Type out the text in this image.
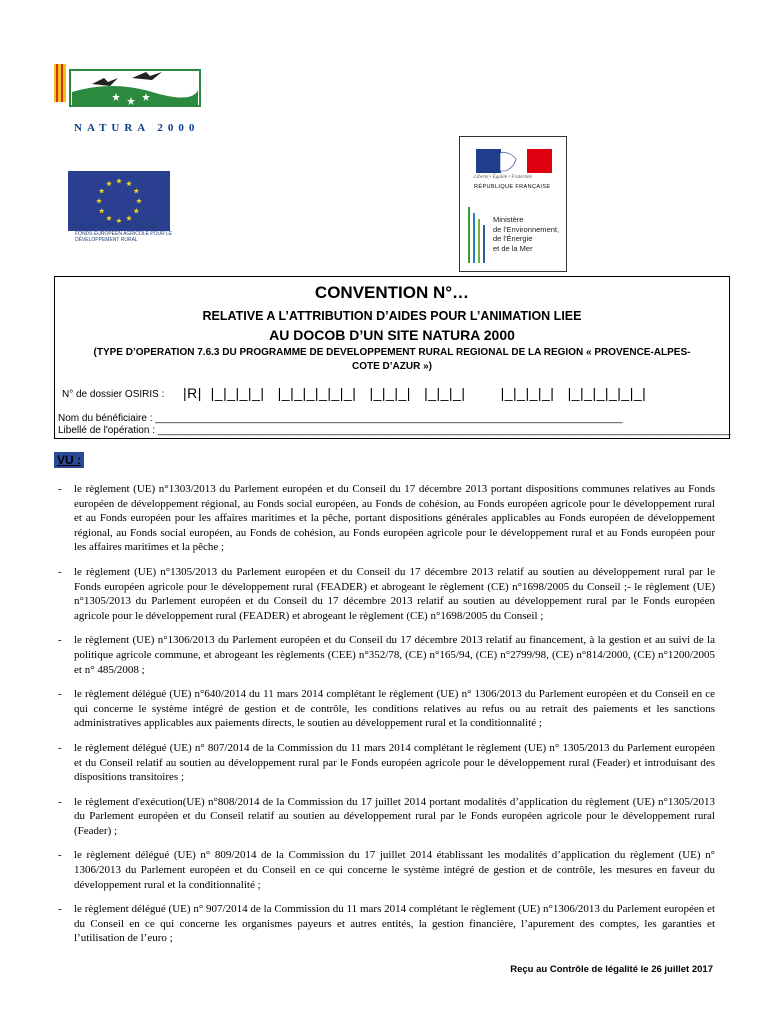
NATURA 2000
UNION EUROPÉENNE
FONDS EUROPÉEN AGRICOLE POUR LE DÉVELOPPEMENT RURAL
Liberté • Égalité • Fraternité
RÉPUBLIQUE FRANÇAISE
Ministère
de l'Environnement,
de l'Énergie
et de la Mer
CONVENTION N°…
RELATIVE A L’ATTRIBUTION D’AIDES POUR L’ANIMATION LIEE
AU DOCOB D’UN SITE NATURA 2000
(TYPE D’OPERATION 7.6.3 DU PROGRAMME DE DEVELOPPEMENT RURAL REGIONAL DE LA REGION « PROVENCE-ALPES-
COTE D’AZUR »)
N° de dossier OSIRIS : |R|  |_|_|_|_|   |_|_|_|_|_|_|   |_|_|_|   |_|_|_|        |_|_|_|_|   |_|_|_|_|_|_|
Nom du bénéficiaire : ____________________________________________________________________________________
Libellé de l'opération : _______________________________________________________________________________________________________
VU :
- le règlement (UE) n°1303/2013 du Parlement européen et du Conseil du 17 décembre 2013 portant dispositions communes relatives au Fonds européen de développement régional, au Fonds social européen, au Fonds de cohésion, au Fonds européen agricole pour le développement rural et au Fonds européen pour les affaires maritimes et la pêche, portant dispositions générales applicables au Fonds européen de développement régional, au Fonds social européen, au Fonds de cohésion, au Fonds européen agricole pour le développement rural et au Fonds européen pour les affaires maritimes et la pêche ;
- le règlement (UE) n°1305/2013 du Parlement européen et du Conseil du 17 décembre 2013 relatif au soutien au développement rural par le Fonds européen agricole pour le développement rural (FEADER) et abrogeant le règlement (CE) n°1698/2005 du Conseil ;- le règlement (UE) n°1305/2013 du Parlement européen et du Conseil du 17 décembre 2013 relatif au soutien au développement rural par le Fonds européen agricole pour le développement rural (FEADER) et abrogeant le règlement (CE) n°1698/2005 du Conseil ;
- le règlement (UE) n°1306/2013 du Parlement européen et du Conseil du 17 décembre 2013 relatif au financement, à la gestion et au suivi de la politique agricole commune, et abrogeant les règlements (CEE) n°352/78, (CE) n°165/94, (CE) n°2799/98, (CE) n°814/2000, (CE) n°1200/2005 et n° 485/2008 ;
- le règlement délégué (UE) n°640/2014 du 11 mars 2014 complétant le règlement (UE) n° 1306/2013 du Parlement européen et du Conseil en ce qui concerne le système intégré de gestion et de contrôle, les conditions relatives au refus ou au retrait des paiements et les sanctions administratives applicables aux paiements directs, le soutien au développement rural et la conditionnalité ;
- le règlement délégué (UE) n° 807/2014 de la Commission du 11 mars 2014 complétant le règlement (UE) n° 1305/2013 du Parlement européen et du Conseil relatif au soutien au développement rural par le Fonds européen agricole pour le développement rural (Feader) et introduisant des dispositions transitoires ;
- le règlement d'exécution(UE) n°808/2014 de la Commission du 17 juillet 2014 portant modalités d’application du règlement (UE) n°1305/2013 du Parlement européen et du Conseil relatif au soutien au développement rural par le Fonds européen agricole pour le développement rural (Feader) ;
- le règlement délégué (UE) n° 809/2014 de la Commission du 17 juillet 2014 établissant les modalités d’application du règlement (UE) n° 1306/2013 du Parlement européen et du Conseil en ce qui concerne le système intégré de gestion et de contrôle, les mesures en faveur du développement rural et la conditionnalité ;
- le règlement délégué (UE) n° 907/2014 de la Commission du 11 mars 2014 complétant le règlement (UE) n°1306/2013 du Parlement européen et du Conseil en ce qui concerne les organismes payeurs et autres entités, la gestion financière, l’apurement des comptes, les garanties et l’utilisation de l’euro ;
Reçu au Contrôle de légalité le 26 juillet 2017
